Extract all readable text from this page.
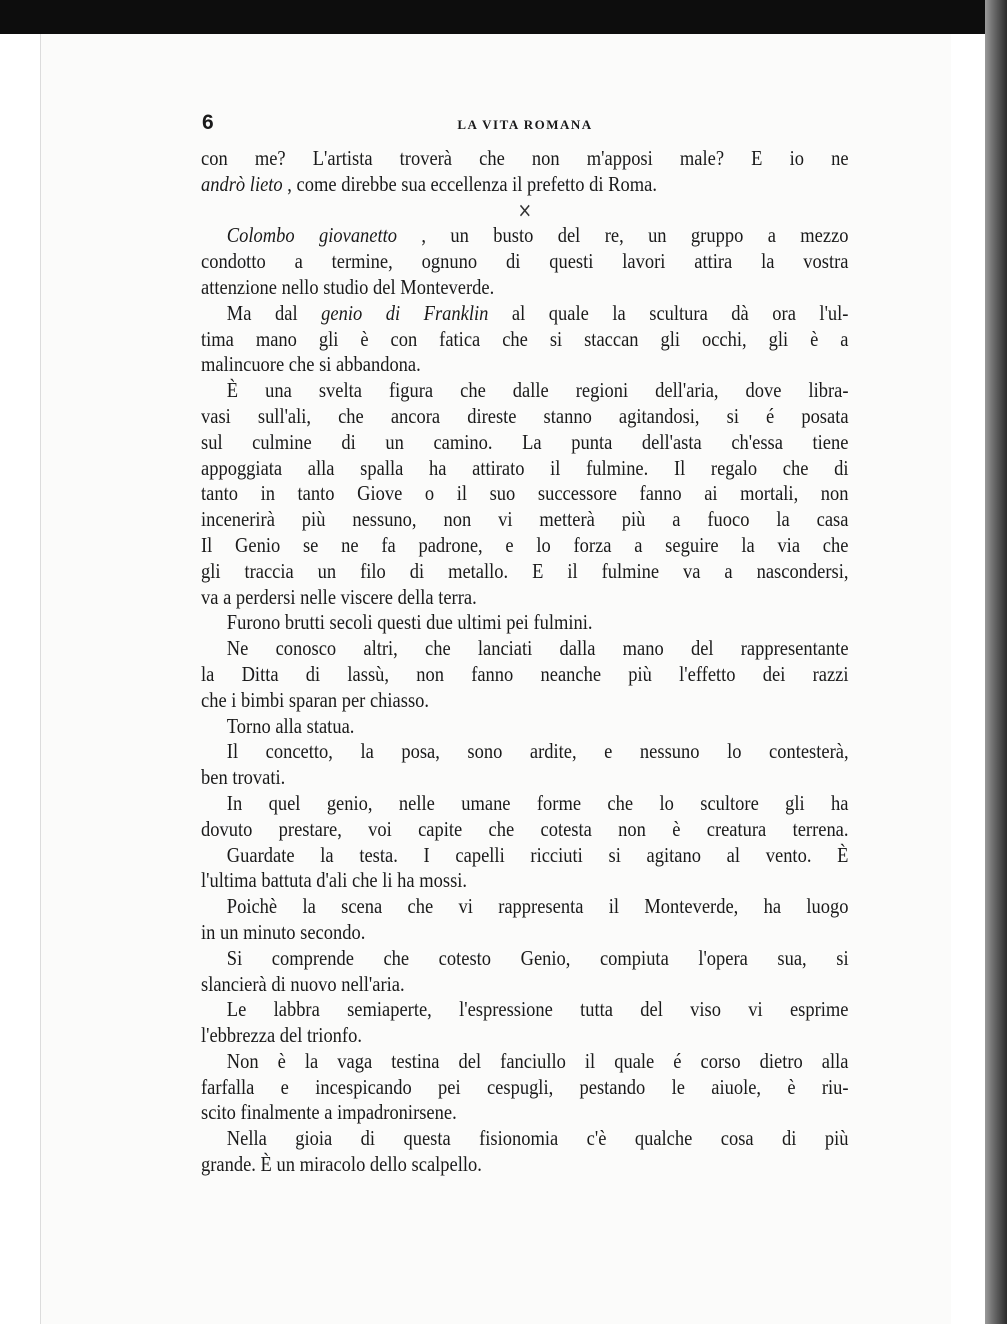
6	LA VITA ROMANA
con me? L'artista troverà che non m'apposi male? E io ne
andrò lieto , come direbbe sua eccellenza il prefetto di Roma.
×
Colombo giovanetto , un busto del re, un gruppo a mezzo
condotto a termine, ognuno di questi lavori attira la vostra
attenzione nello studio del Monteverde.
Ma dal genio di Franklin al quale la scultura dà ora l'ul-
tima mano gli è con fatica che si staccan gli occhi, gli è a
malincuore che si abbandona.
È una svelta figura che dalle regioni dell'aria, dove libra-
vasi sull'ali, che ancora direste stanno agitandosi, si é posata
sul culmine di un camino. La punta dell'asta ch'essa tiene
appoggiata alla spalla ha attirato il fulmine. Il regalo che di
tanto in tanto Giove o il suo successore fanno ai mortali, non
incenerirà più nessuno, non vi metterà più a fuoco la casa
Il Genio se ne fa padrone, e lo forza a seguire la via che
gli traccia un filo di metallo. E il fulmine va a nascondersi,
va a perdersi nelle viscere della terra.
Furono brutti secoli questi due ultimi pei fulmini.
Ne conosco altri, che lanciati dalla mano del rappresentante
la Ditta di lassù, non fanno neanche più l'effetto dei razzi
che i bimbi sparan per chiasso.
Torno alla statua.
Il concetto, la posa, sono ardite, e nessuno lo contesterà,
ben trovati.
In quel genio, nelle umane forme che lo scultore gli ha
dovuto prestare, voi capite che cotesta non è creatura terrena.
Guardate la testa. I capelli ricciuti si agitano al vento. È
l'ultima battuta d'ali che li ha mossi.
Poichè la scena che vi rappresenta il Monteverde, ha luogo
in un minuto secondo.
Si comprende che cotesto Genio, compiuta l'opera sua, si
slancierà di nuovo nell'aria.
Le labbra semiaperte, l'espressione tutta del viso vi esprime
l'ebbrezza del trionfo.
Non è la vaga testina del fanciullo il quale é corso dietro alla
farfalla e incespicando pei cespugli, pestando le aiuole, è riu-
scito finalmente a impadronirsene.
Nella gioia di questa fisionomia c'è qualche cosa di più
grande. È un miracolo dello scalpello.
